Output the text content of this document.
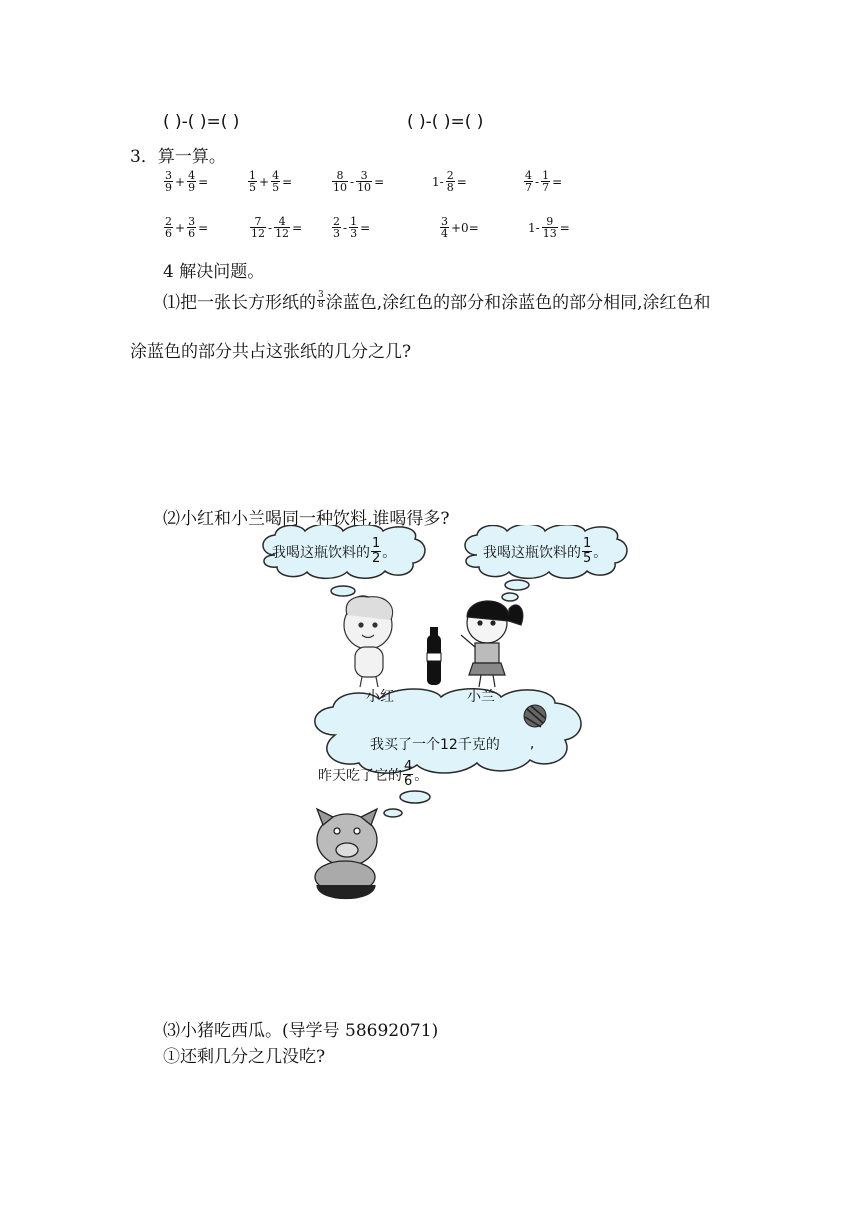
( )-( )=( )	( )-( )=( )
3．算一算。
$\frac{3}{9} + \frac{4}{9}$ =	$\frac{1}{5} + \frac{4}{5}$ =	$\frac{8}{10} - \frac{3}{10}$ =	$1- \frac{2}{8}$ =	$\frac{4}{7} - \frac{1}{7}$ =
$\frac{2}{6} + \frac{3}{6}$ =	$\frac{7}{12} - \frac{4}{12}$ =	$\frac{2}{3} - \frac{1}{3}$ =	$\frac{3}{4} +0=$	$1- \frac{9}{13}$ =
4 解决问题。
⑴把一张长方形纸的 $\frac{3}{8}$ 涂蓝色,涂红色的部分和涂蓝色的部分相同,涂红色和
涂蓝色的部分共占这张纸的几分之几?
⑵小红和小兰喝同一种饮料,谁喝得多?
我喝这瓶饮料的 $\frac{1}{2}$ 。	我喝这瓶饮料的 $\frac{1}{5}$ 。
小红	小兰
我买了一个12千克的 ,
昨天吃了它的 $\frac{4}{6}$ 。
⑶小猪吃西瓜。(导学号 58692071)
①还剩几分之几没吃?
